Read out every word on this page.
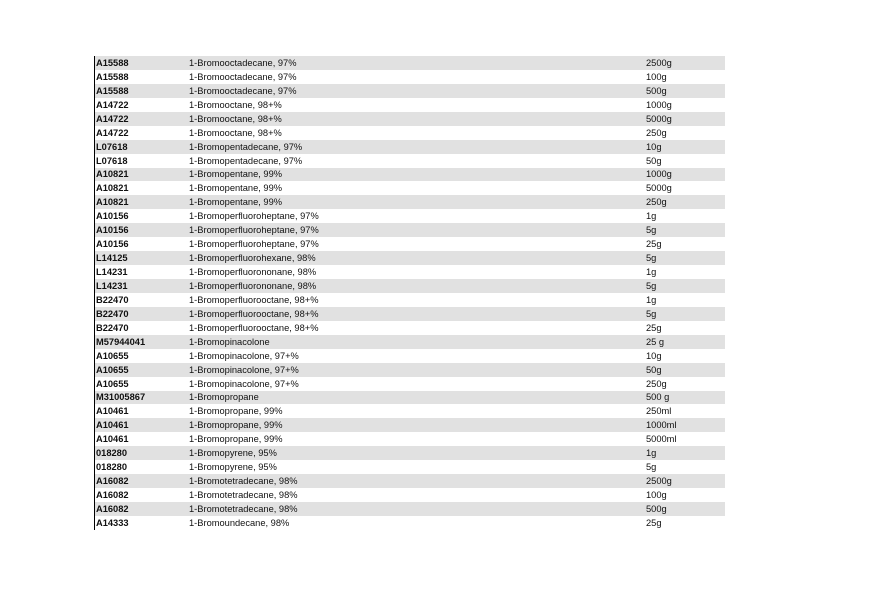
A15588	1-Bromooctadecane, 97%	2500g
A15588	1-Bromooctadecane, 97%	100g
A15588	1-Bromooctadecane, 97%	500g
A14722	1-Bromooctane, 98+%	1000g
A14722	1-Bromooctane, 98+%	5000g
A14722	1-Bromooctane, 98+%	250g
L07618	1-Bromopentadecane, 97%	10g
L07618	1-Bromopentadecane, 97%	50g
A10821	1-Bromopentane, 99%	1000g
A10821	1-Bromopentane, 99%	5000g
A10821	1-Bromopentane, 99%	250g
A10156	1-Bromoperfluoroheptane, 97%	1g
A10156	1-Bromoperfluoroheptane, 97%	5g
A10156	1-Bromoperfluoroheptane, 97%	25g
L14125	1-Bromoperfluorohexane, 98%	5g
L14231	1-Bromoperfluorononane, 98%	1g
L14231	1-Bromoperfluorononane, 98%	5g
B22470	1-Bromoperfluorooctane, 98+%	1g
B22470	1-Bromoperfluorooctane, 98+%	5g
B22470	1-Bromoperfluorooctane, 98+%	25g
M57944041	1-Bromopinacolone	25 g
A10655	1-Bromopinacolone, 97+%	10g
A10655	1-Bromopinacolone, 97+%	50g
A10655	1-Bromopinacolone, 97+%	250g
M31005867	1-Bromopropane	500 g
A10461	1-Bromopropane, 99%	250ml
A10461	1-Bromopropane, 99%	1000ml
A10461	1-Bromopropane, 99%	5000ml
018280	1-Bromopyrene, 95%	1g
018280	1-Bromopyrene, 95%	5g
A16082	1-Bromotetradecane, 98%	2500g
A16082	1-Bromotetradecane, 98%	100g
A16082	1-Bromotetradecane, 98%	500g
A14333	1-Bromoundecane, 98%	25g
